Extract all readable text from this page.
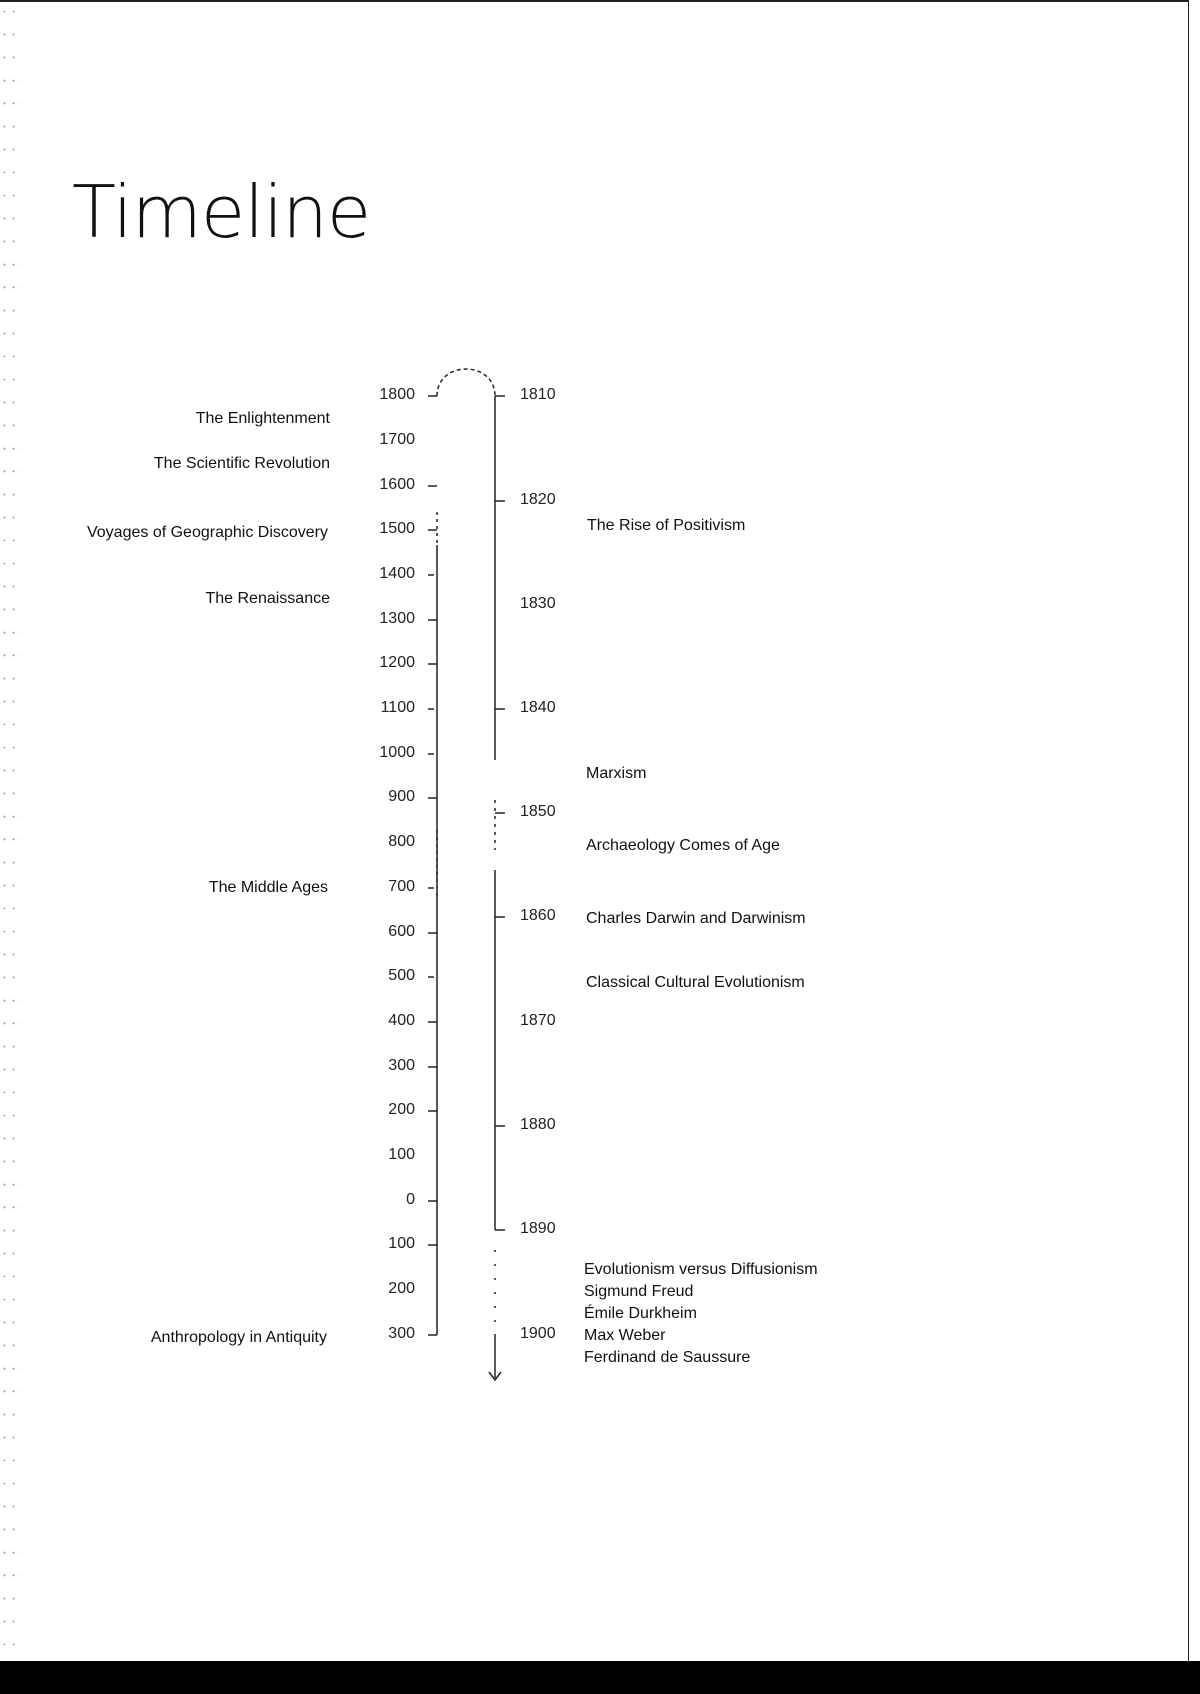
Timeline
1800
1700
1600
1500
1400
1300
1200
1100
1000
900
800
700
600
500
400
300
200
100
0
100
200
300
The Enlightenment
The Scientific Revolution
Voyages of Geographic Discovery
The Renaissance
The Middle Ages
Anthropology in Antiquity
1810
1820
1830
1840
1850
1860
1870
1880
1890
1900
The Rise of Positivism
Marxism
Archaeology Comes of Age
Charles Darwin and Darwinism
Classical Cultural Evolutionism
Evolutionism versus Diffusionism
Sigmund Freud
Émile Durkheim
Max Weber
Ferdinand de Saussure
